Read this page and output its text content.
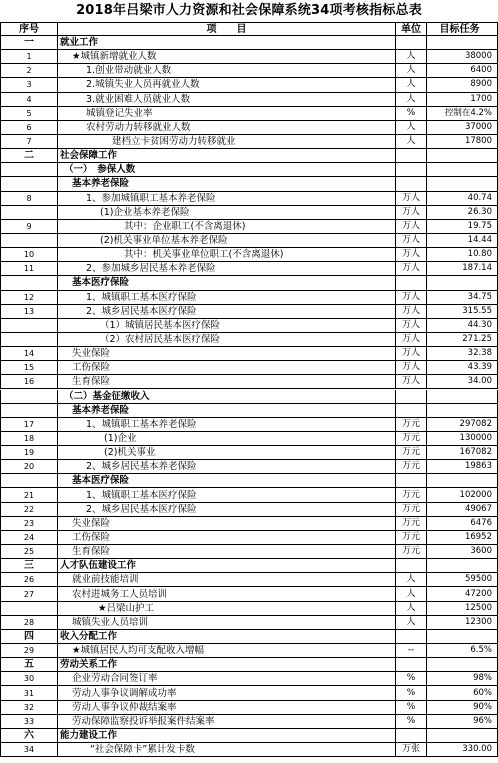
2018年吕梁市人力资源和社会保障系统34项考核指标总表
序号	项　　目	单位	目标任务
一	就业工作
1	★城镇新增就业人数	人	38000
2	1.创业带动就业人数	人	6400
3	2.城镇失业人员再就业人数	人	8900
4	3.就业困难人员就业人数	人	1700
5	城镇登记失业率	%	控制在4.2%
6	农村劳动力转移就业人数	人	37000
7	建档立卡贫困劳动力转移就业	人	17800
二	社会保障工作
（一）　参保人数
基本养老保险
8	1、参加城镇职工基本养老保险	万人	40.74
(1)企业基本养老保险	万人	26.30
9	其中：企业职工(不含离退休)	万人	19.75
(2)机关事业单位基本养老保险	万人	14.44
10	其中：机关事业单位职工(不含离退休)	万人	10.80
11	2、参加城乡居民基本养老保险	万人	187.14
基本医疗保险
12	1、城镇职工基本医疗保险	万人	34.75
13	2、城乡居民基本医疗保险	万人	315.55
（1）城镇居民基本医疗保险	万人	44.30
（2）农村居民基本医疗保险	万人	271.25
14	失业保险	万人	32.38
15	工伤保险	万人	43.39
16	生育保险	万人	34.00
（二）基金征缴收入
基本养老保险
17	1、城镇职工基本养老保险	万元	297082
18	(1)企业	万元	130000
19	(2)机关事业	万元	167082
20	2、城乡居民基本养老保险	万元	19863
基本医疗保险
21	1、城镇职工基本医疗保险	万元	102000
22	2、城乡居民基本医疗保险	万元	49067
23	失业保险	万元	6476
24	工伤保险	万元	16952
25	生育保险	万元	3600
三	人才队伍建设工作
26	就业前技能培训	人	59500
27	农村进城务工人员培训	人	47200
★吕梁山护工	人	12500
28	城镇失业人员培训	人	12300
四	收入分配工作
29	★城镇居民人均可支配收入增幅	--	6.5%
五	劳动关系工作
30	企业劳动合同签订率	%	98%
31	劳动人事争议调解成功率	%	60%
32	劳动人事争议仲裁结案率	%	90%
33	劳动保障监察投诉举报案件结案率	%	96%
六	能力建设工作
34	“社会保障卡”累计发卡数	万张	330.00
